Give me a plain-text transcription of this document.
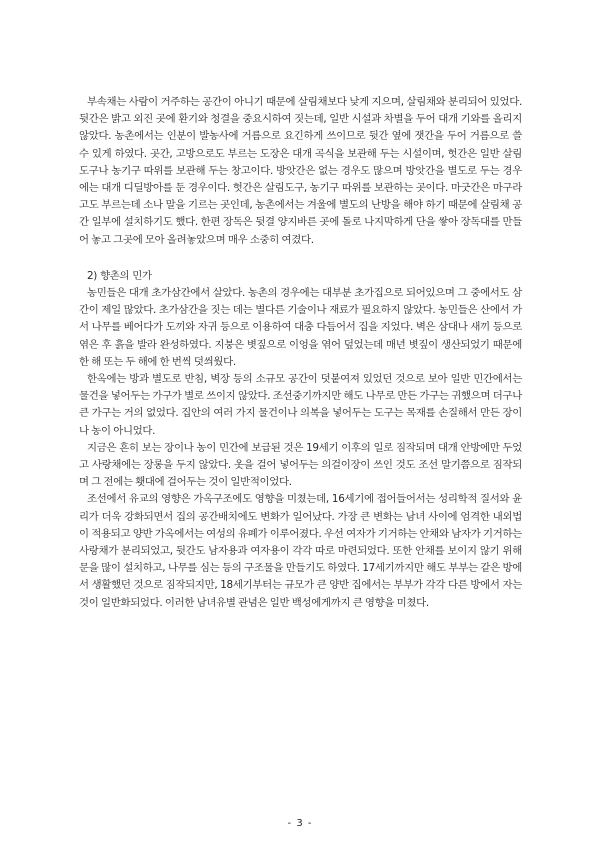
부속채는 사람이 거주하는 공간이 아니기 때문에 살림채보다 낮게 지으며, 살림채와 분리되어 있었다. 뒷간은 밝고 외진 곳에 환기와 청결을 중요시하여 짓는데, 일반 시설과 차별을 두어 대개 기와를 올리지 않았다. 농촌에서는 인분이 발농사에 거름으로 요긴하게 쓰이므로 뒷간 옆에 잿간을 두어 거름으로 쓸 수 있게 하였다. 곳간, 고방으로도 부르는 도장은 대개 곡식을 보관해 두는 시설이며, 헛간은 일반 살림도구나 농기구 따위를 보관해 두는 창고이다. 방앗간은 없는 경우도 많으며 방앗간을 별도로 두는 경우에는 대개 디딜방아를 둔 경우이다. 헛간은 살림도구, 농기구 따위를 보관하는 곳이다. 마굿간은 마구라고도 부르는데 소나 말을 기르는 곳인데, 농촌에서는 겨울에 별도의 난방을 해야 하기 때문에 살림채 공간 일부에 설치하기도 했다. 한편 장독은 뒷결 양지바른 곳에 돌로 나지막하게 단을 쌓아 장독대를 만들어 놓고 그곳에 모아 올려놓았으며 매우 소중히 여겼다.

2) 향촌의 민가

농민들은 대개 초가삼간에서 살았다. 농촌의 경우에는 대부분 초가집으로 되어있으며 그 중에서도 삼간이 제일 많았다. 초가삼간을 짓는 데는 별다른 기술이나 재료가 필요하지 않았다. 농민들은 산에서 가서 나무를 베어다가 도끼와 자귀 등으로 이용하여 대충 다듬어서 집을 지었다. 벽은 삼대나 새끼 등으로 엮은 후 흙을 발라 완성하였다. 지붕은 볏짚으로 이엉을 엮어 덮었는데 매년 볏짚이 생산되었기 때문에 한 해 또는 두 해에 한 번씩 덧씌웠다.

한옥에는 방과 별도로 반침, 벽장 등의 소규모 공간이 덧붙여져 있었던 것으로 보아 일반 민간에서는 물건을 넣어두는 가구가 별로 쓰이지 않았다. 조선중기까지만 해도 나무로 만든 가구는 귀했으며 더구나 큰 가구는 거의 없었다. 집안의 여러 가지 물건이나 의복을 넣어두는 도구는 목재를 손질해서 만든 장이나 농이 아니었다.

지금은 흔히 보는 장이나 농이 민간에 보급된 것은 19세기 이후의 일로 짐작되며 대개 안방에만 두었고 사랑채에는 장롱을 두지 않았다. 옷을 걸어 넣어두는 의걸이장이 쓰인 것도 조선 말기쯤으로 짐작되며 그 전에는 횃대에 걸어두는 것이 일반적이었다.

조선에서 유교의 영향은 가옥구조에도 영향을 미쳤는데, 16세기에 접어들어서는 성리학적 질서와 윤리가 더욱 강화되면서 집의 공간배치에도 변화가 일어났다. 가장 큰 변화는 남녀 사이에 엄격한 내외법이 적용되고 양반 가옥에서는 여성의 유폐가 이루어졌다. 우선 여자가 기거하는 안채와 남자가 기거하는 사랑채가 분리되었고, 뒷간도 남자용과 여자용이 각각 따로 마련되었다. 또한 안채를 보이지 않기 위해 문을 많이 설치하고, 나무를 심는 등의 구조물을 만들기도 하였다. 17세기까지만 해도 부부는 같은 방에서 생활했던 것으로 짐작되지만, 18세기부터는 규모가 큰 양반 집에서는 부부가 각각 다른 방에서 자는 것이 일반화되었다. 이러한 남녀유별 관념은 일반 백성에게까지 큰 영향을 미쳤다.

- 3 -
